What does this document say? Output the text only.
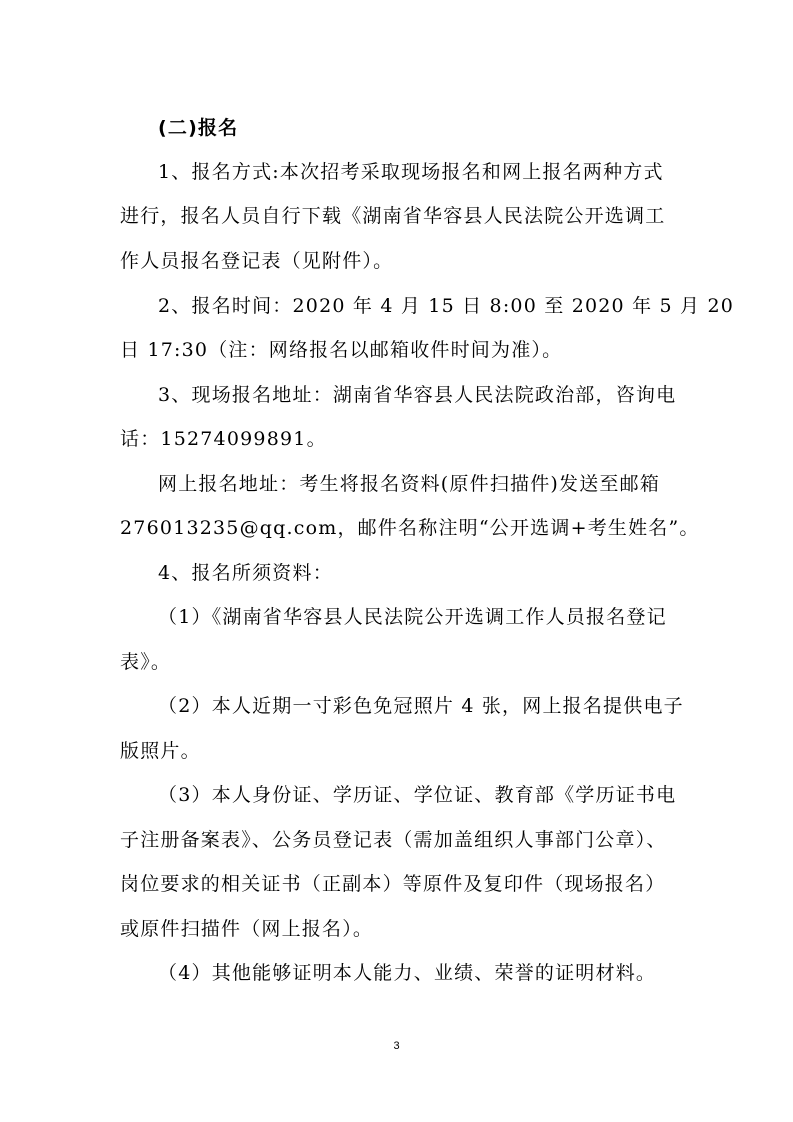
(二)报名
1、报名方式:本次招考采取现场报名和网上报名两种方式
进行，报名人员自行下载《湖南省华容县人民法院公开选调工
作人员报名登记表（见附件）。
2、报名时间：2020 年 4 月 15 日 8:00 至 2020 年 5 月 20
日 17:30（注：网络报名以邮箱收件时间为准）。
3、现场报名地址：湖南省华容县人民法院政治部，咨询电
话：15274099891。
网上报名地址：考生将报名资料(原件扫描件)发送至邮箱
276013235@qq.com，邮件名称注明“公开选调+考生姓名”。
4、报名所须资料：
（1）《湖南省华容县人民法院公开选调工作人员报名登记
表》。
（2）本人近期一寸彩色免冠照片 4 张，网上报名提供电子
版照片。
（3）本人身份证、学历证、学位证、教育部《学历证书电
子注册备案表》、公务员登记表（需加盖组织人事部门公章）、
岗位要求的相关证书（正副本）等原件及复印件（现场报名）
或原件扫描件（网上报名）。
（4）其他能够证明本人能力、业绩、荣誉的证明材料。
3
